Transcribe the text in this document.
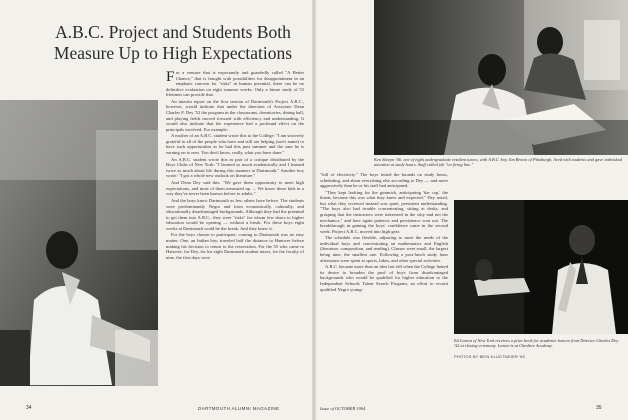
A.B.C. Project and Students Both
Measure Up to High Expectations

For a venture that is expectantly and guardedly called "A Better Chance," that is fraught with possibilities for disappointment in an emphatic concern for "risks" in human potential, there can be no definitive evaluation on eight summer weeks. Only a future study of 55 lifetimes can provide that.

An interim report on the first session of Dartmouth's Project A.B.C., however, would indicate that under the direction of Associate Dean Charles F. Dey '52 the program in the classrooms, dormitories, dining hall, and playing fields moved forward with efficiency and understanding. It would also indicate that the experience had a profound effect on the principals involved. For example:

A mother of an A.B.C. student wrote this to the College: "I am sincerely grateful to all of the people who have and still are helping (son's name) to have such opportunities as he had this past summer and the sum he is earning on to now. You don't know, really, what you have done."

An A.B.C. student wrote this as part of a critique distributed by the Boys Clubs of New York: "I learned so much academically and I learned twice as much about life during this summer at Dartmouth." Another boy wrote: "I got a whole new outlook on literature."

And Dean Dey said this: "We gave them opportunity to meet high expectations, and most of them measured up. ... We know these kids in a way they've never been known before to adults."

And the boys know Dartmouth as few others have before. The students were predominantly Negro and from economically, culturally, and educationally disadvantaged backgrounds. Although they had the potential to get them into A.B.C., they were "risks" for whom few doors to higher education would be opening — without a break. For these boys eight weeks at Dartmouth could be the break. And they knew it.

For the boys chosen to participate, coming to Dartmouth was no easy matter. One, an Indian boy, traveled half the distance to Hanover before making his decision to return to the reservation. For the 55 who came to Hanover, for Dey, for his eight Dartmouth student tutors, for the faculty of nine, the first days were

Ken Sharpe '66, one of eight undergraduate resident tutors, with A.B.C. boy Jim Brown of Pittsburgh, lived with students and gave individual attention at study hours. Staff called job "on firing line."

"full of electricity." The boys tested the bounds on study hours, scheduling, and about everything else according to Dey — and more aggressively than he or his staff had anticipated.

"They kept looking for the gimmick, anticipating 'the cop,' the threat, because this was what they knew and expected." Dey noted, but what they received instead was quiet, persistent understanding. "The boys also had trouble concentrating, sitting at desks, and grasping that the instructors were interested in the why and not the mechanics," and here again patience and persistence won out. The breakthrough in gaining the boys' confidence came in the second week. Project A.B.C. moved into high gear.

The schedule was flexible, adjusting to meet the needs of the individual boys and concentrating on mathematics and English (literature, composition, and reading). Classes were small, the largest being nine, the smallest one. Following a post-lunch study hour afternoons were spent at sports, hikes, and other special activities.

A.B.C. became more than an idea last fall when the College linked its desire to broaden the pool of boys from disadvantaged backgrounds who would be qualified for higher education to the Independent Schools Talent Search Program, an effort to recruit qualified Negro young-

Ed Lemon of New York receives a prize book for academic honors from Director Charles Dey '52 at closing ceremony. Lemon is at Cheshire Academy.
PHOTOS BY BEIN KLUDTMEIER '65
34	DARTMOUTH ALUMNI MAGAZINE	Issue of OCTOBER 1964	35
